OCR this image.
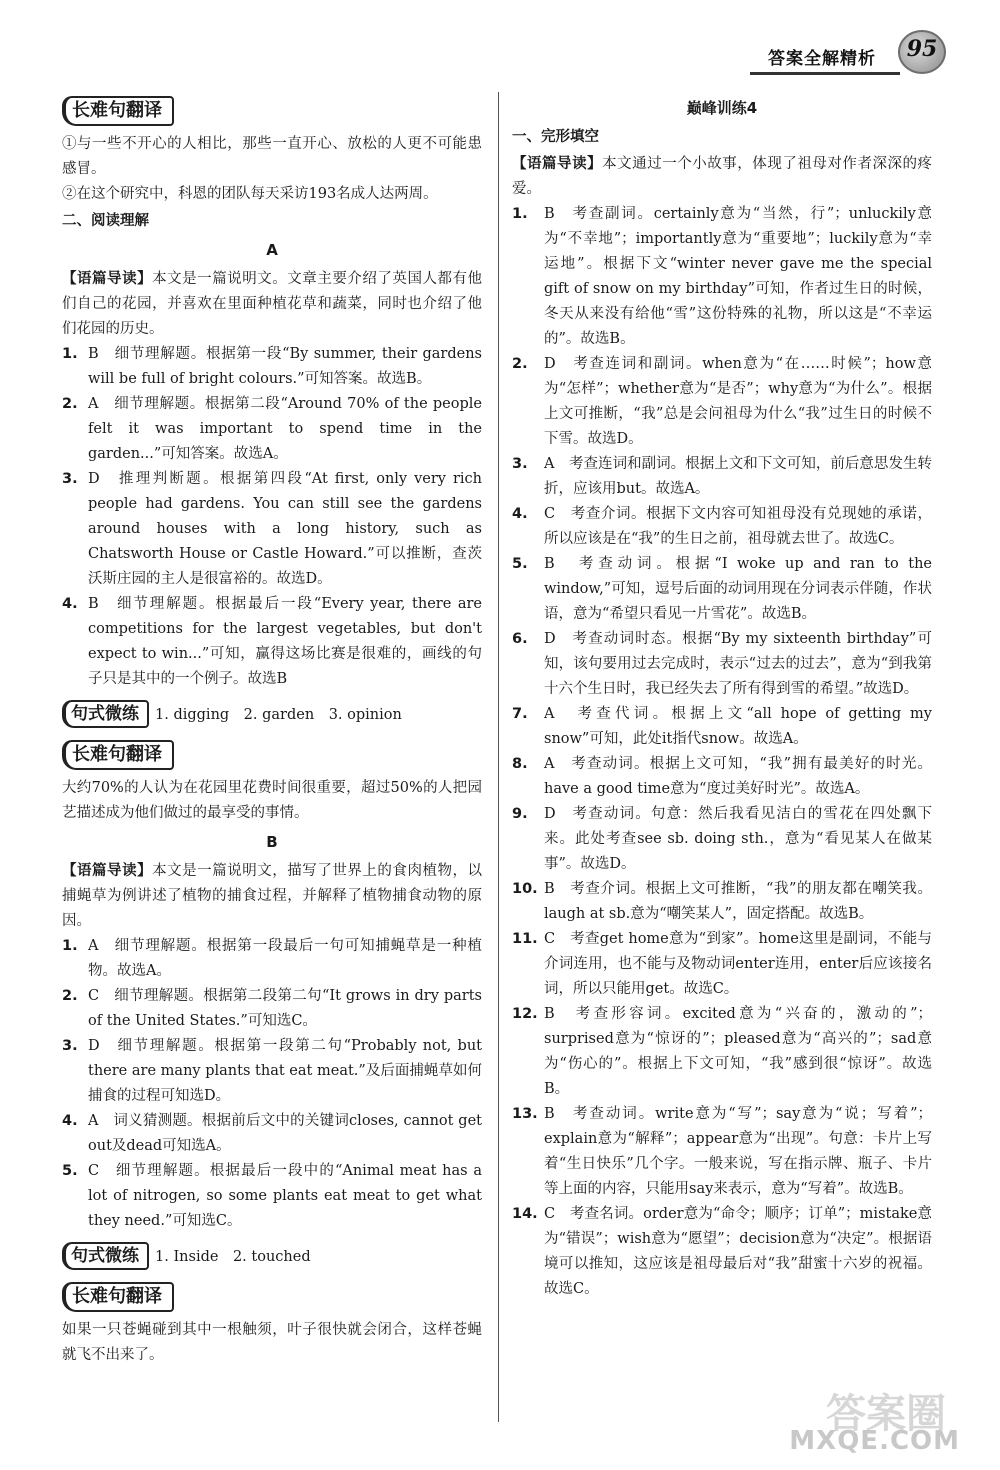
答案全解精析 95
长难句翻译

①与一些不开心的人相比，那些一直开心、放松的人更不可能患感冒。

②在这个研究中，科恩的团队每天采访193名成人达两周。

二、阅读理解
A

【语篇导读】本文是一篇说明文。文章主要介绍了英国人都有他们自己的花园，并喜欢在里面种植花草和蔬菜，同时也介绍了他们花园的历史。

1. B　细节理解题。根据第一段“By summer, their gardens will be full of bright colours.”可知答案。故选B。
2. A　细节理解题。根据第二段“Around 70% of the people felt it was important to spend time in the garden...”可知答案。故选A。
3. D　推理判断题。根据第四段“At first, only very rich people had gardens. You can still see the gardens around houses with a long history, such as Chatsworth House or Castle Howard.”可以推断，查茨沃斯庄园的主人是很富裕的。故选D。
4. B　细节理解题。根据最后一段“Every year, there are competitions for the largest vegetables, but don't expect to win...”可知，赢得这场比赛是很难的，画线的句子只是其中的一个例子。故选B
句式微练 1. digging　2. garden　3. opinion
长难句翻译

大约70%的人认为在花园里花费时间很重要，超过50%的人把园艺描述成为他们做过的最享受的事情。

B

【语篇导读】本文是一篇说明文，描写了世界上的食肉植物，以捕蝇草为例讲述了植物的捕食过程，并解释了植物捕食动物的原因。

1. A　细节理解题。根据第一段最后一句可知捕蝇草是一种植物。故选A。
2. C　细节理解题。根据第二段第二句“It grows in dry parts of the United States.”可知选C。
3. D　细节理解题。根据第一段第二句“Probably not, but there are many plants that eat meat.”及后面捕蝇草如何捕食的过程可知选D。
4. A　词义猜测题。根据前后文中的关键词closes, cannot get out及dead可知选A。
5. C　细节理解题。根据最后一段中的“Animal meat has a lot of nitrogen, so some plants eat meat to get what they need.”可知选C。
句式微练 1. Inside　2. touched
长难句翻译

如果一只苍蝇碰到其中一根触须，叶子很快就会闭合，这样苍蝇就飞不出来了。

巅峰训练4
一、完形填空

【语篇导读】本文通过一个小故事，体现了祖母对作者深深的疼爱。

1.	B　考查副词。certainly意为“当然，行”；unluckily意为“不幸地”；importantly意为“重要地”；luckily意为“幸运地”。根据下文“winter never gave me the special gift of snow on my birthday”可知，作者过生日的时候，冬天从来没有给他“雪”这份特殊的礼物，所以这是“不幸运的”。故选B。
2.	D　考查连词和副词。when意为“在……时候”；how意为“怎样”；whether意为“是否”；why意为“为什么”。根据上文可推断，“我”总是会问祖母为什么“我”过生日的时候不下雪。故选D。
3.	A　考查连词和副词。根据上文和下文可知，前后意思发生转折，应该用but。故选A。
4.	C　考查介词。根据下文内容可知祖母没有兑现她的承诺，所以应该是在“我”的生日之前，祖母就去世了。故选C。
5.	B　考查动词。根据“I woke up and ran to the window,”可知，逗号后面的动词用现在分词表示伴随，作状语，意为“希望只看见一片雪花”。故选B。
6.	D　考查动词时态。根据“By my sixteenth birthday”可知，该句要用过去完成时，表示“过去的过去”，意为“到我第十六个生日时，我已经失去了所有得到雪的希望。”故选D。
7.	A　考查代词。根据上文“all hope of getting my snow”可知，此处it指代snow。故选A。
8.	A　考查动词。根据上文可知，“我”拥有最美好的时光。have a good time意为“度过美好时光”。故选A。
9.	D　考查动词。句意：然后我看见洁白的雪花在四处飘下来。此处考查see sb. doing sth.，意为“看见某人在做某事”。故选D。
10. B　考查介词。根据上文可推断，“我”的朋友都在嘲笑我。laugh at sb.意为“嘲笑某人”，固定搭配。故选B。
11. C　考查get home意为“到家”。home这里是副词，不能与介词连用，也不能与及物动词enter连用，enter后应该接名词，所以只能用get。故选C。
12. B　考查形容词。excited意为“兴奋的，激动的”；surprised意为“惊讶的”；pleased意为“高兴的”；sad意为“伤心的”。根据上下文可知，“我”感到很“惊讶”。故选B。
13. B　考查动词。write意为“写”；say意为“说；写着”；explain意为“解释”；appear意为“出现”。句意：卡片上写着“生日快乐”几个字。一般来说，写在指示牌、瓶子、卡片等上面的内容，只能用say来表示，意为“写着”。故选B。
14. C　考查名词。order意为“命令；顺序；订单”；mistake意为“错误”；wish意为“愿望”；decision意为“决定”。根据语境可以推知，这应该是祖母最后对“我”甜蜜十六岁的祝福。故选C。
答案圈
MXQE.COM
